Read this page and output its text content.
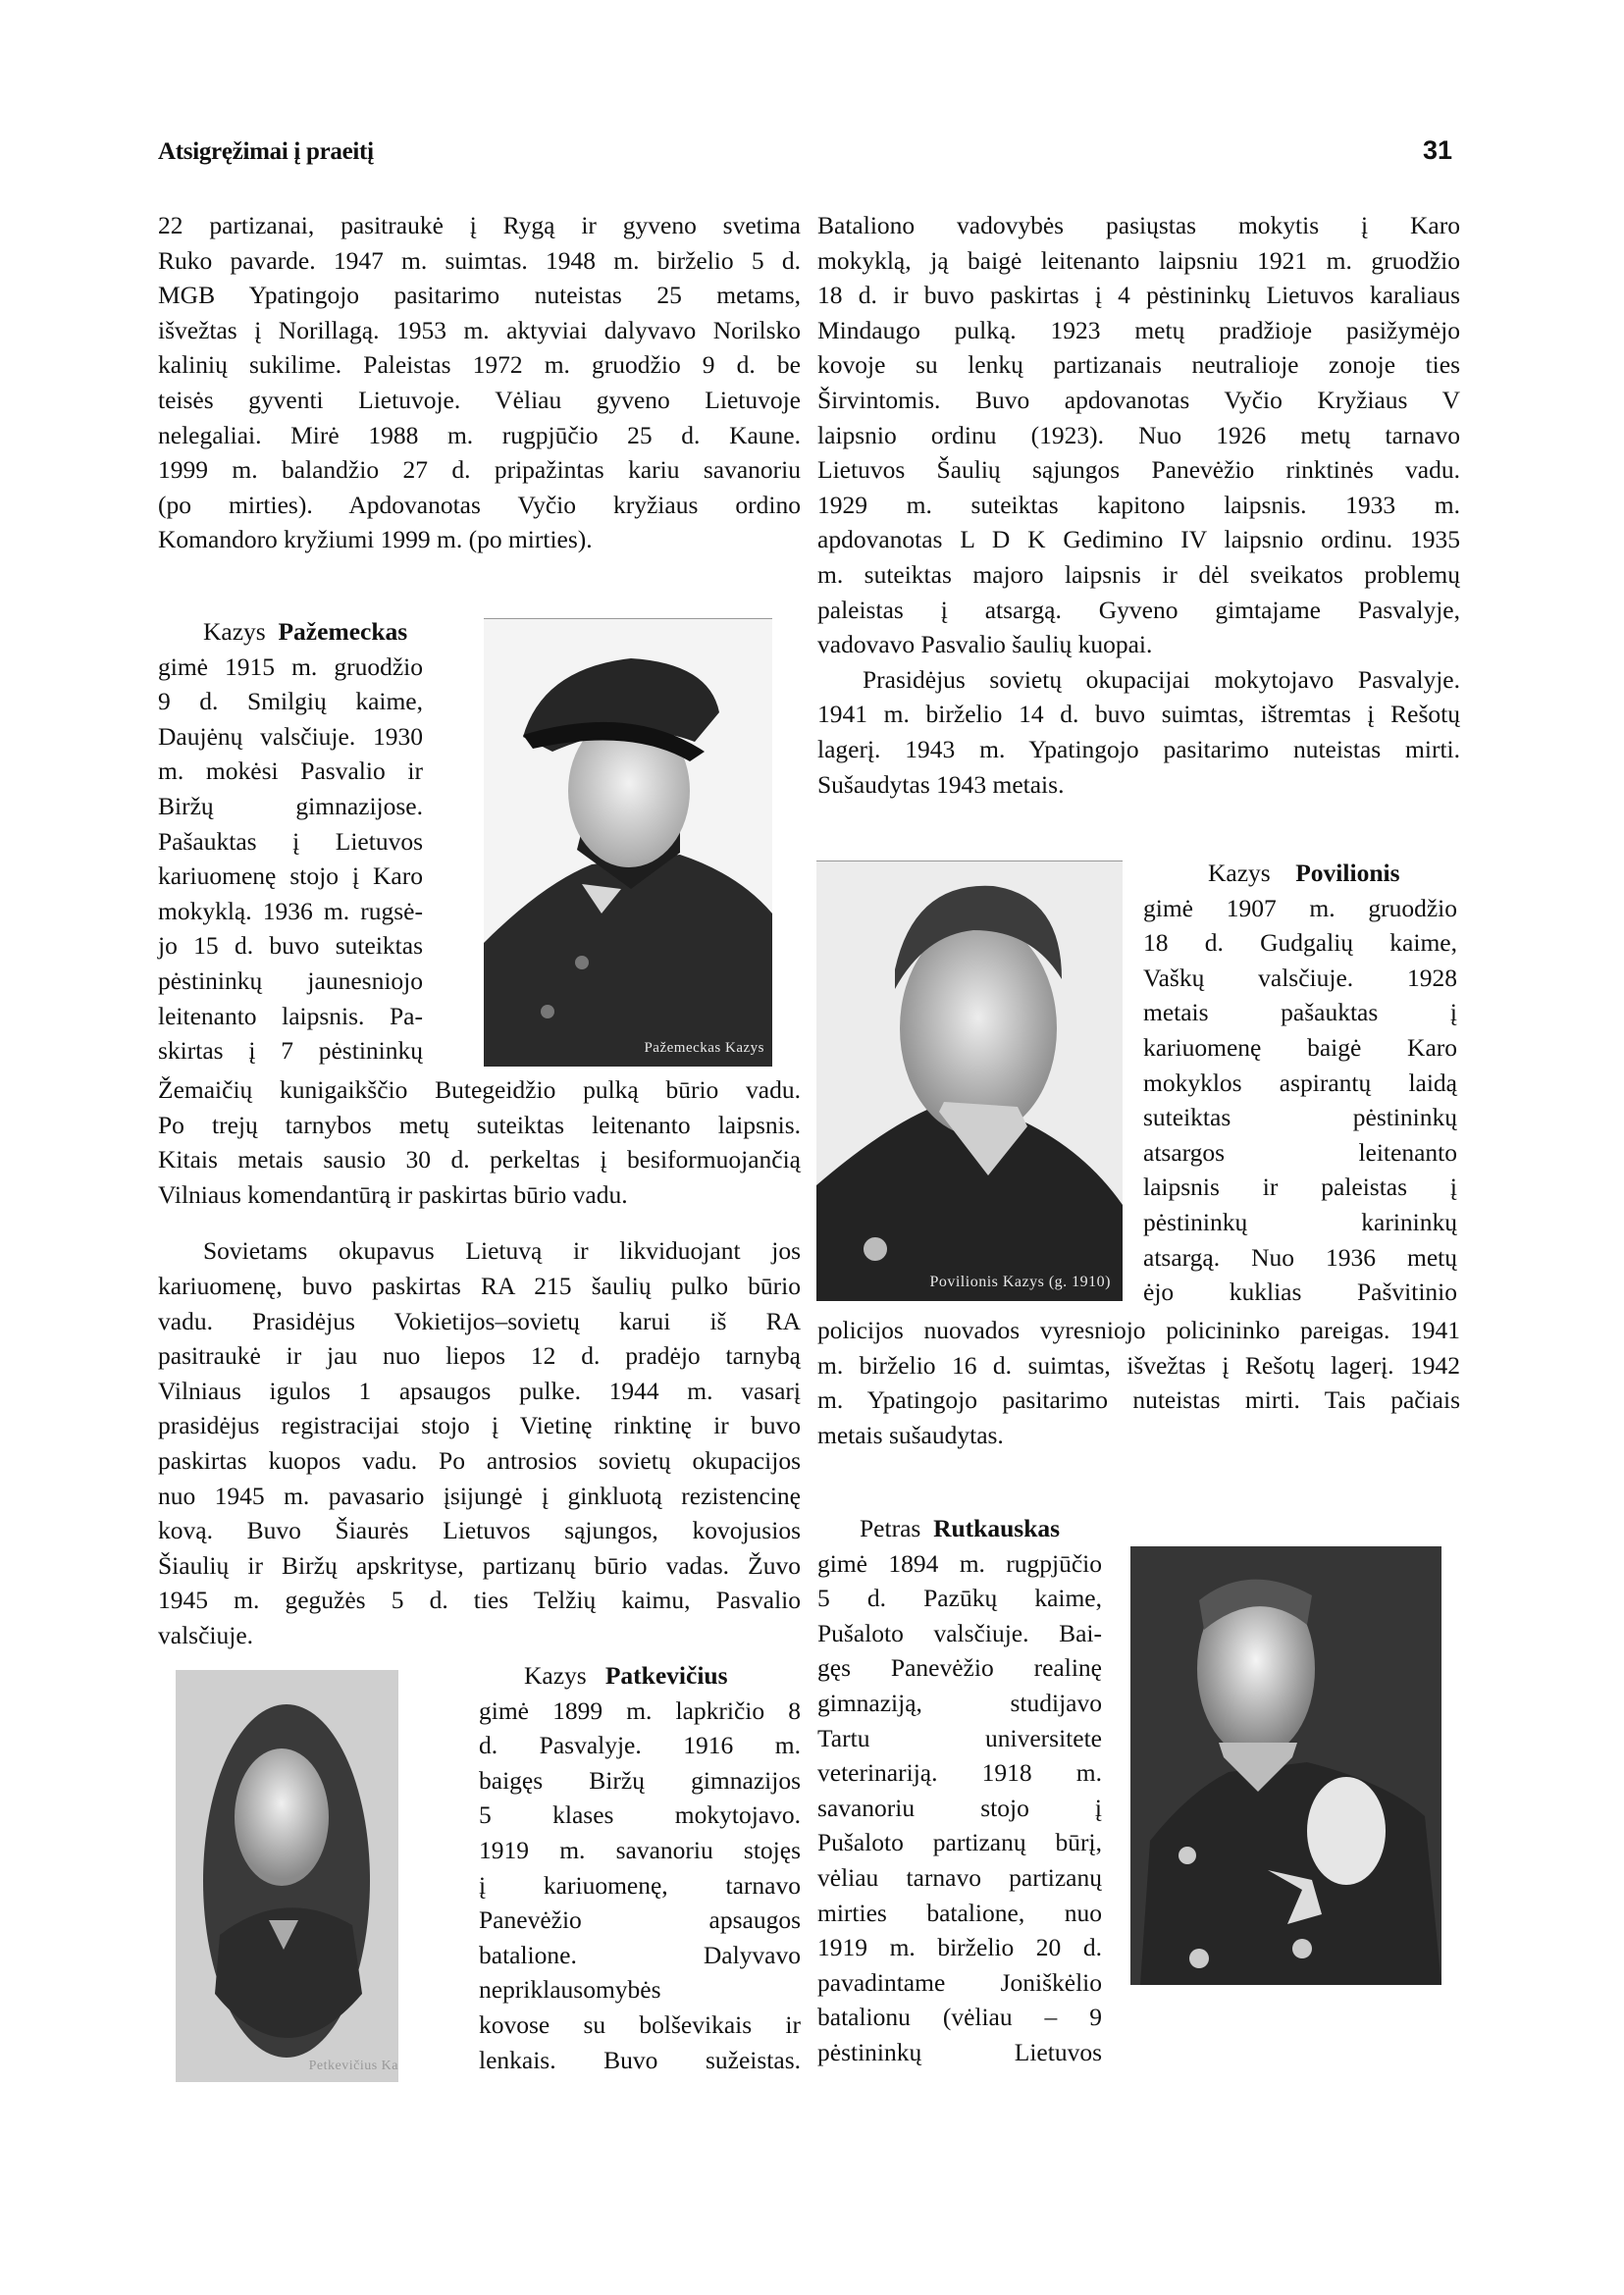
Atsigręžimai į praeitį	31
22 partizanai, pasitraukė į Rygą ir gyveno svetima
Ruko pavarde. 1947 m. suimtas. 1948 m. birželio 5 d.
MGB Ypatingojo pasitarimo nuteistas 25 metams,
išvežtas į Norillagą. 1953 m. aktyviai dalyvavo Norilsko
kalinių sukilime. Paleistas 1972 m. gruodžio 9 d. be
teisės gyventi Lietuvoje. Vėliau gyveno Lietuvoje
nelegaliai. Mirė 1988 m. rugpjūčio 25 d. Kaune.
1999 m. balandžio 27 d. pripažintas kariu savanoriu
(po mirties). Apdovanotas Vyčio kryžiaus ordino
Komandoro kryžiumi 1999 m. (po mirties).
Kazys Pažemeckas
gimė 1915 m. gruodžio
9 d. Smilgių kaime,
Daujėnų valsčiuje. 1930
m. mokėsi Pasvalio ir
Biržų gimnazijose.
Pašauktas į Lietuvos
kariuomenę stojo į Karo
mokyklą. 1936 m. rugsė-
jo 15 d. buvo suteiktas
pėstininkų jaunesniojo
leitenanto laipsnis. Pa-
skirtas į 7 pėstininkų	Pažemeckas Kazys
Žemaičių kunigaikščio Butegeidžio pulką būrio vadu.
Po trejų tarnybos metų suteiktas leitenanto laipsnis.
Kitais metais sausio 30 d. perkeltas į besiformuojančią
Vilniaus komendantūrą ir paskirtas būrio vadu.
Sovietams okupavus Lietuvą ir likviduojant jos
kariuomenę, buvo paskirtas RA 215 šaulių pulko būrio
vadu. Prasidėjus Vokietijos–sovietų karui iš RA
pasitraukė ir jau nuo liepos 12 d. pradėjo tarnybą
Vilniaus igulos 1 apsaugos pulke. 1944 m. vasarį
prasidėjus registracijai stojo į Vietinę rinktinę ir buvo
paskirtas kuopos vadu. Po antrosios sovietų okupacijos
nuo 1945 m. pavasario įsijungė į ginkluotą rezistencinę
kovą. Buvo Šiaurės Lietuvos sąjungos, kovojusios
Šiaulių ir Biržų apskrityse, partizanų būrio vadas. Žuvo
1945 m. gegužės 5 d. ties Telžių kaimu, Pasvalio
valsčiuje.
Petkevičius Ka
Kazys Patkevičius
gimė 1899 m. lapkričio 8
d. Pasvalyje. 1916 m.
baigęs Biržų gimnazijos
5 klases mokytojavo.
1919 m. savanoriu stojęs
į kariuomenę, tarnavo
Panevėžio apsaugos
batalione. Dalyvavo
nepriklausomybės
kovose su bolševikais ir
lenkais. Buvo sužeistas.
Bataliono vadovybės pasiųstas mokytis į Karo
mokyklą, ją baigė leitenanto laipsniu 1921 m. gruodžio
18 d. ir buvo paskirtas į 4 pėstininkų Lietuvos karaliaus
Mindaugo pulką. 1923 metų pradžioje pasižymėjo
kovoje su lenkų partizanais neutralioje zonoje ties
Širvintomis. Buvo apdovanotas Vyčio Kryžiaus V
laipsnio ordinu (1923). Nuo 1926 metų tarnavo
Lietuvos Šaulių sąjungos Panevėžio rinktinės vadu.
1929 m. suteiktas kapitono laipsnis. 1933 m.
apdovanotas L D K Gedimino IV laipsnio ordinu. 1935
m. suteiktas majoro laipsnis ir dėl sveikatos problemų
paleistas į atsargą. Gyveno gimtajame Pasvalyje,
vadovavo Pasvalio šaulių kuopai.
Prasidėjus sovietų okupacijai mokytojavo Pasvalyje.
1941 m. birželio 14 d. buvo suimtas, ištremtas į Rešotų
lagerį. 1943 m. Ypatingojo pasitarimo nuteistas mirti.
Sušaudytas 1943 metais.
Povilionis Kazys (g. 1910)
Kazys Povilionis
gimė 1907 m. gruodžio
18 d. Gudgalių kaime,
Vaškų valsčiuje. 1928
metais pašauktas į
kariuomenę baigė Karo
mokyklos aspirantų laidą
suteiktas pėstininkų
atsargos leitenanto
laipsnis ir paleistas į
pėstininkų karininkų
atsargą. Nuo 1936 metų
ėjo kuklias Pašvitinio
policijos nuovados vyresniojo policininko pareigas. 1941
m. birželio 16 d. suimtas, išvežtas į Rešotų lagerį. 1942
m. Ypatingojo pasitarimo nuteistas mirti. Tais pačiais
metais sušaudytas.
Petras Rutkauskas
gimė 1894 m. rugpjūčio
5 d. Pazūkų kaime,
Pušaloto valsčiuje. Bai-
gęs Panevėžio realinę
gimnaziją, studijavo
Tartu universitete
veterinariją. 1918 m.
savanoriu stojo į
Pušaloto partizanų būrį,
vėliau tarnavo partizanų
mirties batalione, nuo
1919 m. birželio 20 d.
pavadintame Joniškėlio
batalionu (vėliau – 9
pėstininkų Lietuvos
